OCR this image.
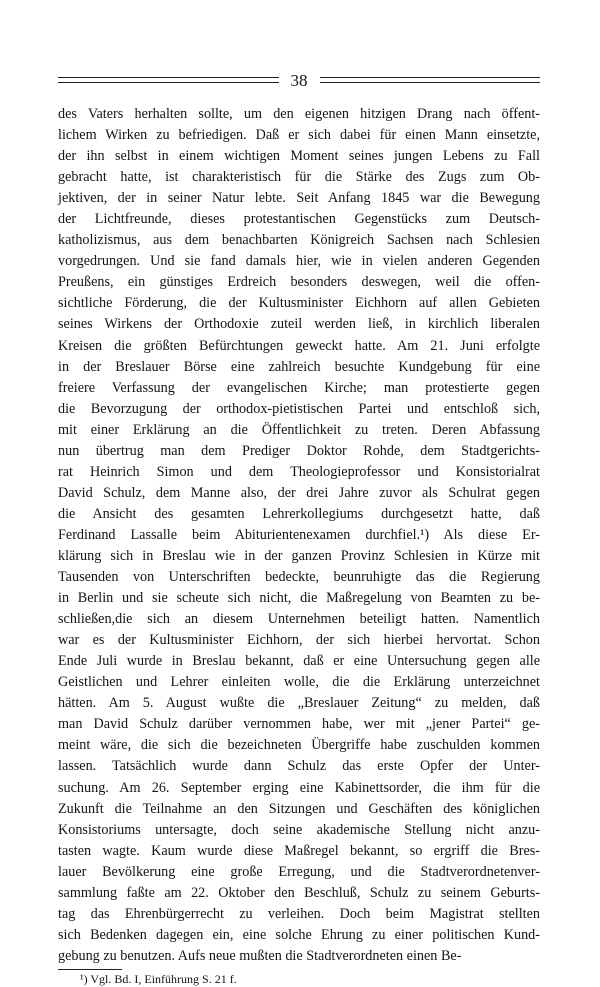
38
des Vaters herhalten sollte, um den eigenen hitzigen Drang nach öffent-
lichem Wirken zu befriedigen. Daß er sich dabei für einen Mann einsetzte,
der ihn selbst in einem wichtigen Moment seines jungen Lebens zu Fall
gebracht hatte, ist charakteristisch für die Stärke des Zugs zum Ob-
jektiven, der in seiner Natur lebte. Seit Anfang 1845 war die Bewegung
der Lichtfreunde, dieses protestantischen Gegenstücks zum Deutsch-
katholizismus, aus dem benachbarten Königreich Sachsen nach Schlesien
vorgedrungen. Und sie fand damals hier, wie in vielen anderen Gegenden
Preußens, ein günstiges Erdreich besonders deswegen, weil die offen-
sichtliche Förderung, die der Kultusminister Eichhorn auf allen Gebieten
seines Wirkens der Orthodoxie zuteil werden ließ, in kirchlich liberalen
Kreisen die größten Befürchtungen geweckt hatte. Am 21. Juni erfolgte
in der Breslauer Börse eine zahlreich besuchte Kundgebung für eine
freiere Verfassung der evangelischen Kirche; man protestierte gegen
die Bevorzugung der orthodox-pietistischen Partei und entschloß sich,
mit einer Erklärung an die Öffentlichkeit zu treten. Deren Abfassung
nun übertrug man dem Prediger Doktor Rohde, dem Stadtgerichts-
rat Heinrich Simon und dem Theologieprofessor und Konsistorialrat
David Schulz, dem Manne also, der drei Jahre zuvor als Schulrat gegen
die Ansicht des gesamten Lehrerkollegiums durchgesetzt hatte, daß
Ferdinand Lassalle beim Abiturientenexamen durchfiel.¹) Als diese Er-
klärung sich in Breslau wie in der ganzen Provinz Schlesien in Kürze mit
Tausenden von Unterschriften bedeckte, beunruhigte das die Regierung
in Berlin und sie scheute sich nicht, die Maßregelung von Beamten zu be-
schließen,die sich an diesem Unternehmen beteiligt hatten. Namentlich
war es der Kultusminister Eichhorn, der sich hierbei hervortat. Schon
Ende Juli wurde in Breslau bekannt, daß er eine Untersuchung gegen alle
Geistlichen und Lehrer einleiten wolle, die die Erklärung unterzeichnet
hätten. Am 5. August wußte die „Breslauer Zeitung“ zu melden, daß
man David Schulz darüber vernommen habe, wer mit „jener Partei“ ge-
meint wäre, die sich die bezeichneten Übergriffe habe zuschulden kommen
lassen. Tatsächlich wurde dann Schulz das erste Opfer der Unter-
suchung. Am 26. September erging eine Kabinettsorder, die ihm für die
Zukunft die Teilnahme an den Sitzungen und Geschäften des königlichen
Konsistoriums untersagte, doch seine akademische Stellung nicht anzu-
tasten wagte. Kaum wurde diese Maßregel bekannt, so ergriff die Bres-
lauer Bevölkerung eine große Erregung, und die Stadtverordnetenver-
sammlung faßte am 22. Oktober den Beschluß, Schulz zu seinem Geburts-
tag das Ehrenbürgerrecht zu verleihen. Doch beim Magistrat stellten
sich Bedenken dagegen ein, eine solche Ehrung zu einer politischen Kund-
gebung zu benutzen. Aufs neue mußten die Stadtverordneten einen Be-
¹) Vgl. Bd. I, Einführung S. 21 f.
